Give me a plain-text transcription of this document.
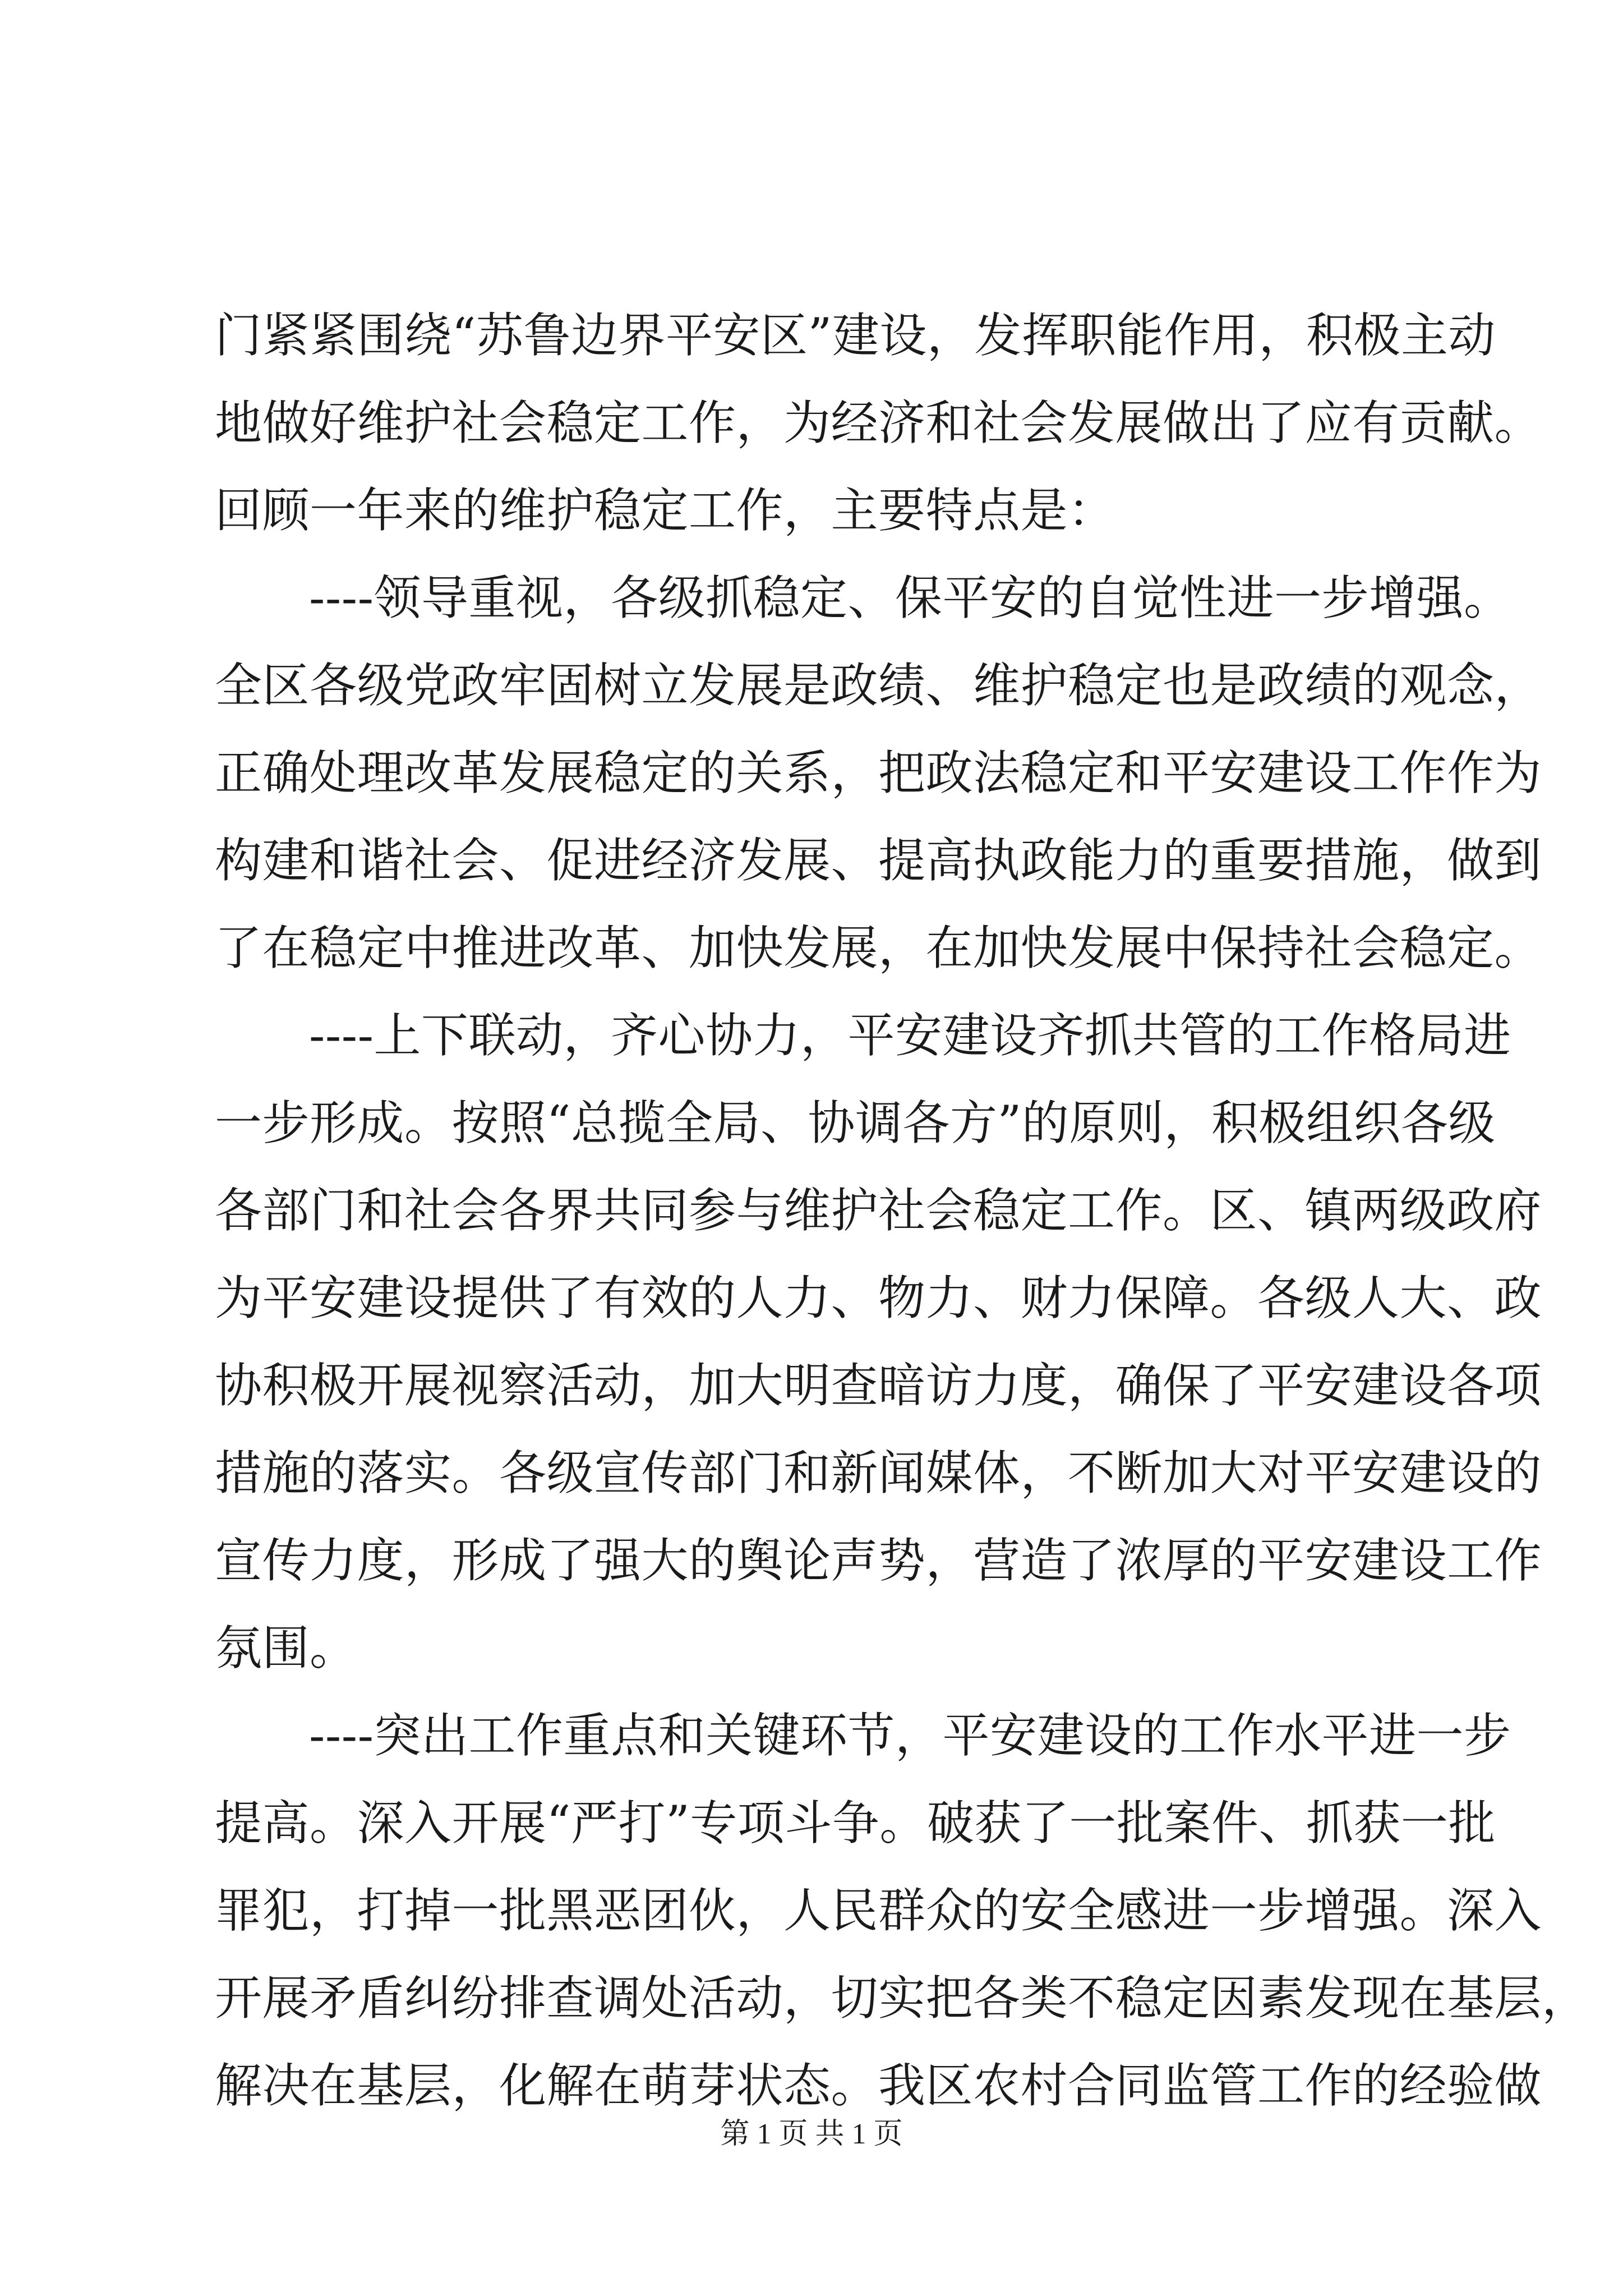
门紧紧围绕“苏鲁边界平安区”建设，发挥职能作用，积极主动
地做好维护社会稳定工作，为经济和社会发展做出了应有贡献。
回顾一年来的维护稳定工作，主要特点是：
----领导重视，各级抓稳定、保平安的自觉性进一步增强。
全区各级党政牢固树立发展是政绩、维护稳定也是政绩的观念，
正确处理改革发展稳定的关系，把政法稳定和平安建设工作作为
构建和谐社会、促进经济发展、提高执政能力的重要措施，做到
了在稳定中推进改革、加快发展，在加快发展中保持社会稳定。
----上下联动，齐心协力，平安建设齐抓共管的工作格局进
一步形成。按照“总揽全局、协调各方”的原则，积极组织各级
各部门和社会各界共同参与维护社会稳定工作。区、镇两级政府
为平安建设提供了有效的人力、物力、财力保障。各级人大、政
协积极开展视察活动，加大明查暗访力度，确保了平安建设各项
措施的落实。各级宣传部门和新闻媒体，不断加大对平安建设的
宣传力度，形成了强大的舆论声势，营造了浓厚的平安建设工作
氛围。
----突出工作重点和关键环节，平安建设的工作水平进一步
提高。深入开展“严打”专项斗争。破获了一批案件、抓获一批
罪犯，打掉一批黑恶团伙，人民群众的安全感进一步增强。深入
开展矛盾纠纷排查调处活动，切实把各类不稳定因素发现在基层，
解决在基层，化解在萌芽状态。我区农村合同监管工作的经验做
第 1 页 共 1 页
